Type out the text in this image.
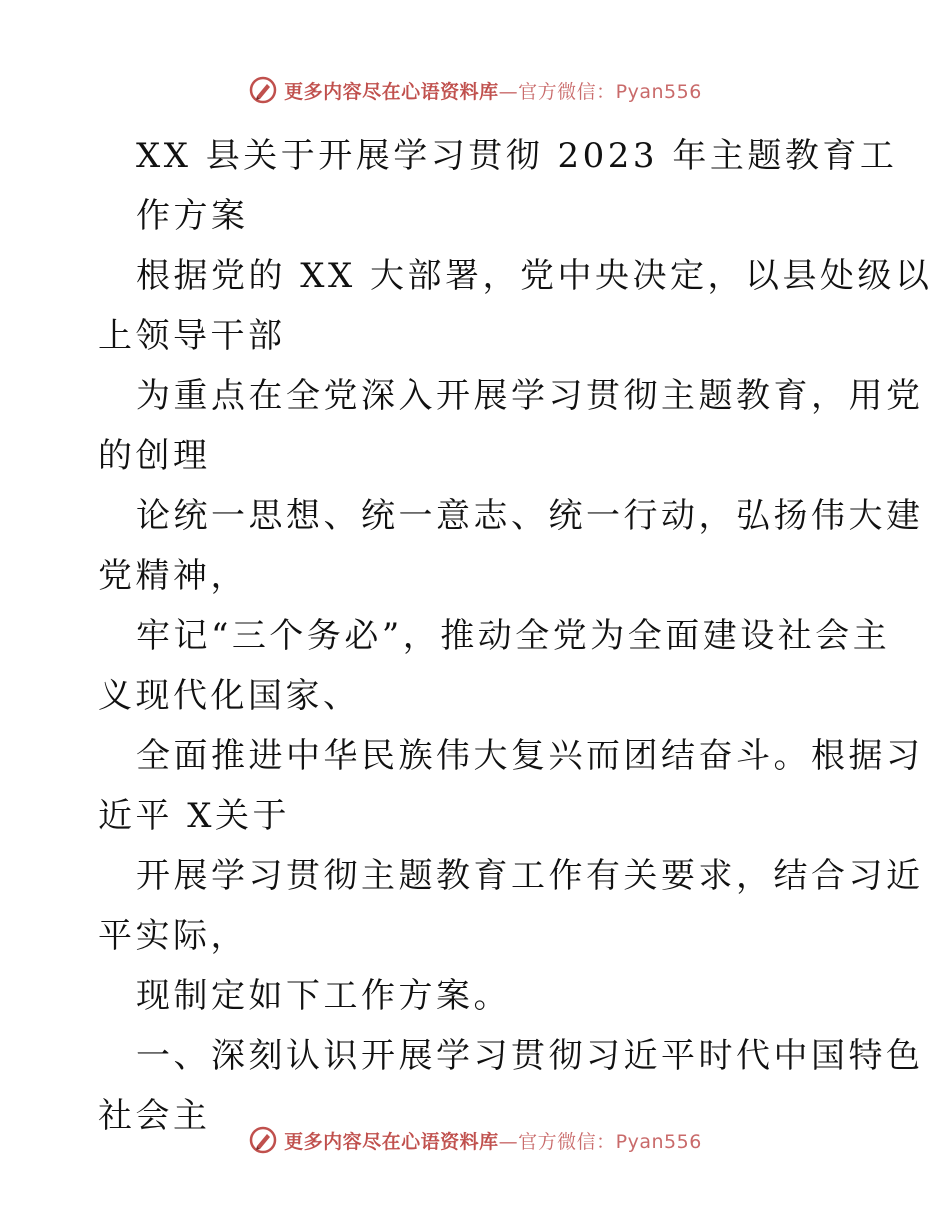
更多内容尽在心语资料库—官方微信：Pyan556
XX 县关于开展学习贯彻 2023 年主题教育工
作方案
根据党的 XX 大部署，党中央决定，以县处级以
上领导干部
为重点在全党深入开展学习贯彻主题教育，用党
的创理
论统一思想、统一意志、统一行动，弘扬伟大建
党精神，
牢记“三个务必”，推动全党为全面建设社会主
义现代化国家、
全面推进中华民族伟大复兴而团结奋斗。根据习
近平 X关于
开展学习贯彻主题教育工作有关要求，结合习近
平实际，
现制定如下工作方案。
一、深刻认识开展学习贯彻习近平时代中国特色
社会主
更多内容尽在心语资料库—官方微信：Pyan556
